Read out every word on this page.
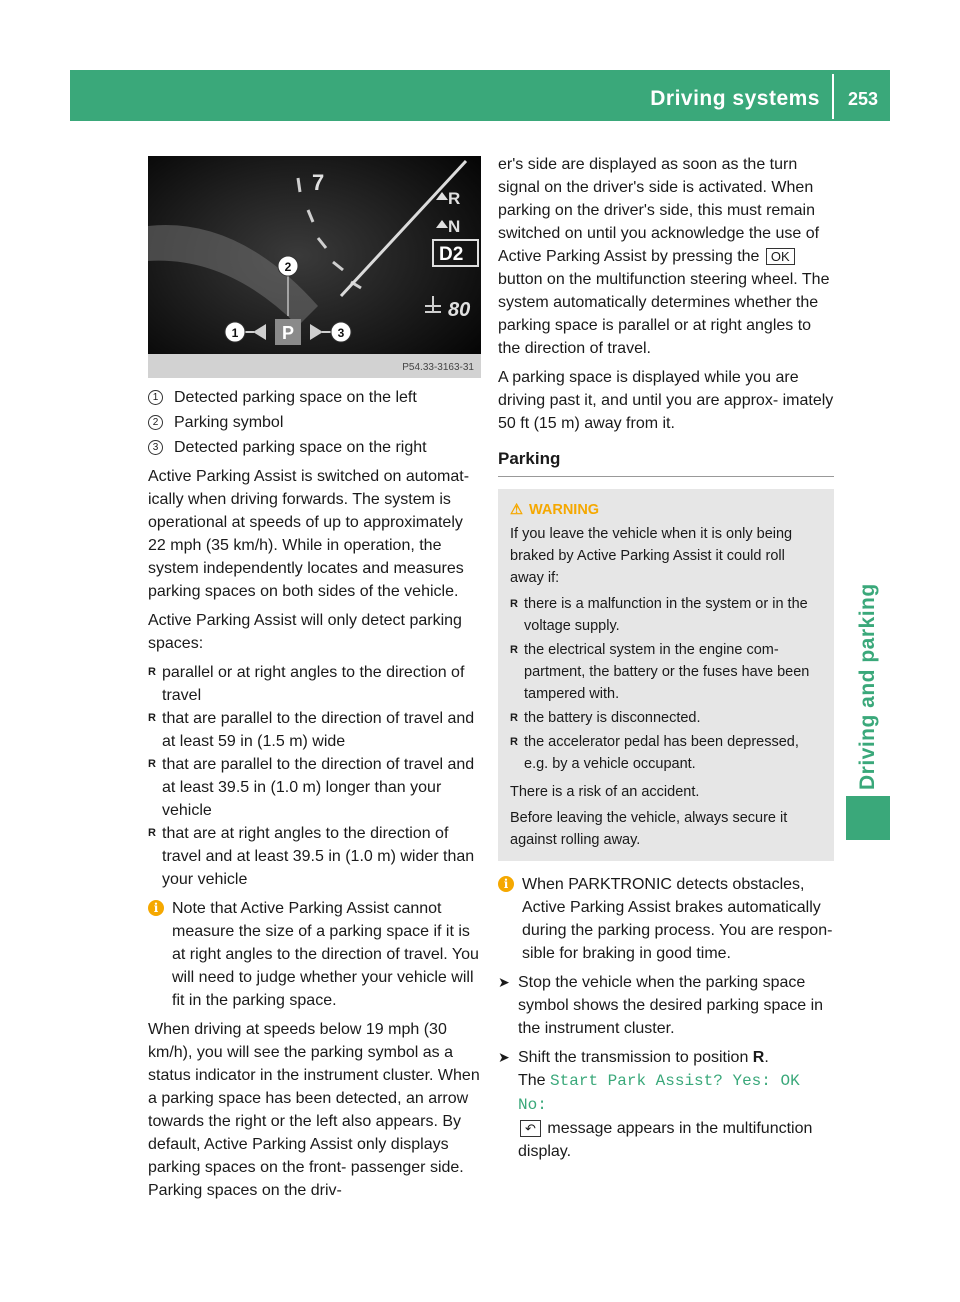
Driving systems	253
Driving and parking
7
R
N
D2
80
2
P
1	3
P54.33-3163-31
1 Detected parking space on the left
2 Parking symbol
3 Detected parking space on the right

Active Parking Assist is switched on automat- ically when driving forwards. The system is operational at speeds of up to approximately 22 mph (35 km/h). While in operation, the system independently locates and measures parking spaces on both sides of the vehicle.

Active Parking Assist will only detect parking spaces:

R parallel or at right angles to the direction of travel
R that are parallel to the direction of travel and at least 59 in (1.5 m) wide
R that are parallel to the direction of travel and at least 39.5 in (1.0 m) longer than your vehicle
R that are at right angles to the direction of travel and at least 39.5 in (1.0 m) wider than your vehicle
i Note that Active Parking Assist cannot measure the size of a parking space if it is at right angles to the direction of travel. You will need to judge whether your vehicle will fit in the parking space.

When driving at speeds below 19 mph (30 km/h), you will see the parking symbol as a status indicator in the instrument cluster. When a parking space has been detected, an arrow towards the right or the left also appears. By default, Active Parking Assist only displays parking spaces on the front- passenger side. Parking spaces on the driv-

er's side are displayed as soon as the turn signal on the driver's side is activated. When parking on the driver's side, this must remain switched on until you acknowledge the use of Active Parking Assist by pressing the OK button on the multifunction steering wheel. The system automatically determines whether the parking space is parallel or at right angles to the direction of travel.

A parking space is displayed while you are driving past it, and until you are approx- imately 50 ft (15 m) away from it.

Parking
⚠ WARNING

If you leave the vehicle when it is only being braked by Active Parking Assist it could roll away if:

R there is a malfunction in the system or in the voltage supply.
R the electrical system in the engine com- partment, the battery or the fuses have been tampered with.
R the battery is disconnected.
R the accelerator pedal has been depressed, e.g. by a vehicle occupant.

There is a risk of an accident.

Before leaving the vehicle, always secure it against rolling away.

i When PARKTRONIC detects obstacles, Active Parking Assist brakes automatically during the parking process. You are respon- sible for braking in good time.
➤ Stop the vehicle when the parking space symbol shows the desired parking space in the instrument cluster.
➤ Shift the transmission to position R.
The Start Park Assist? Yes: OK No:
↶ message appears in the multifunction display.
